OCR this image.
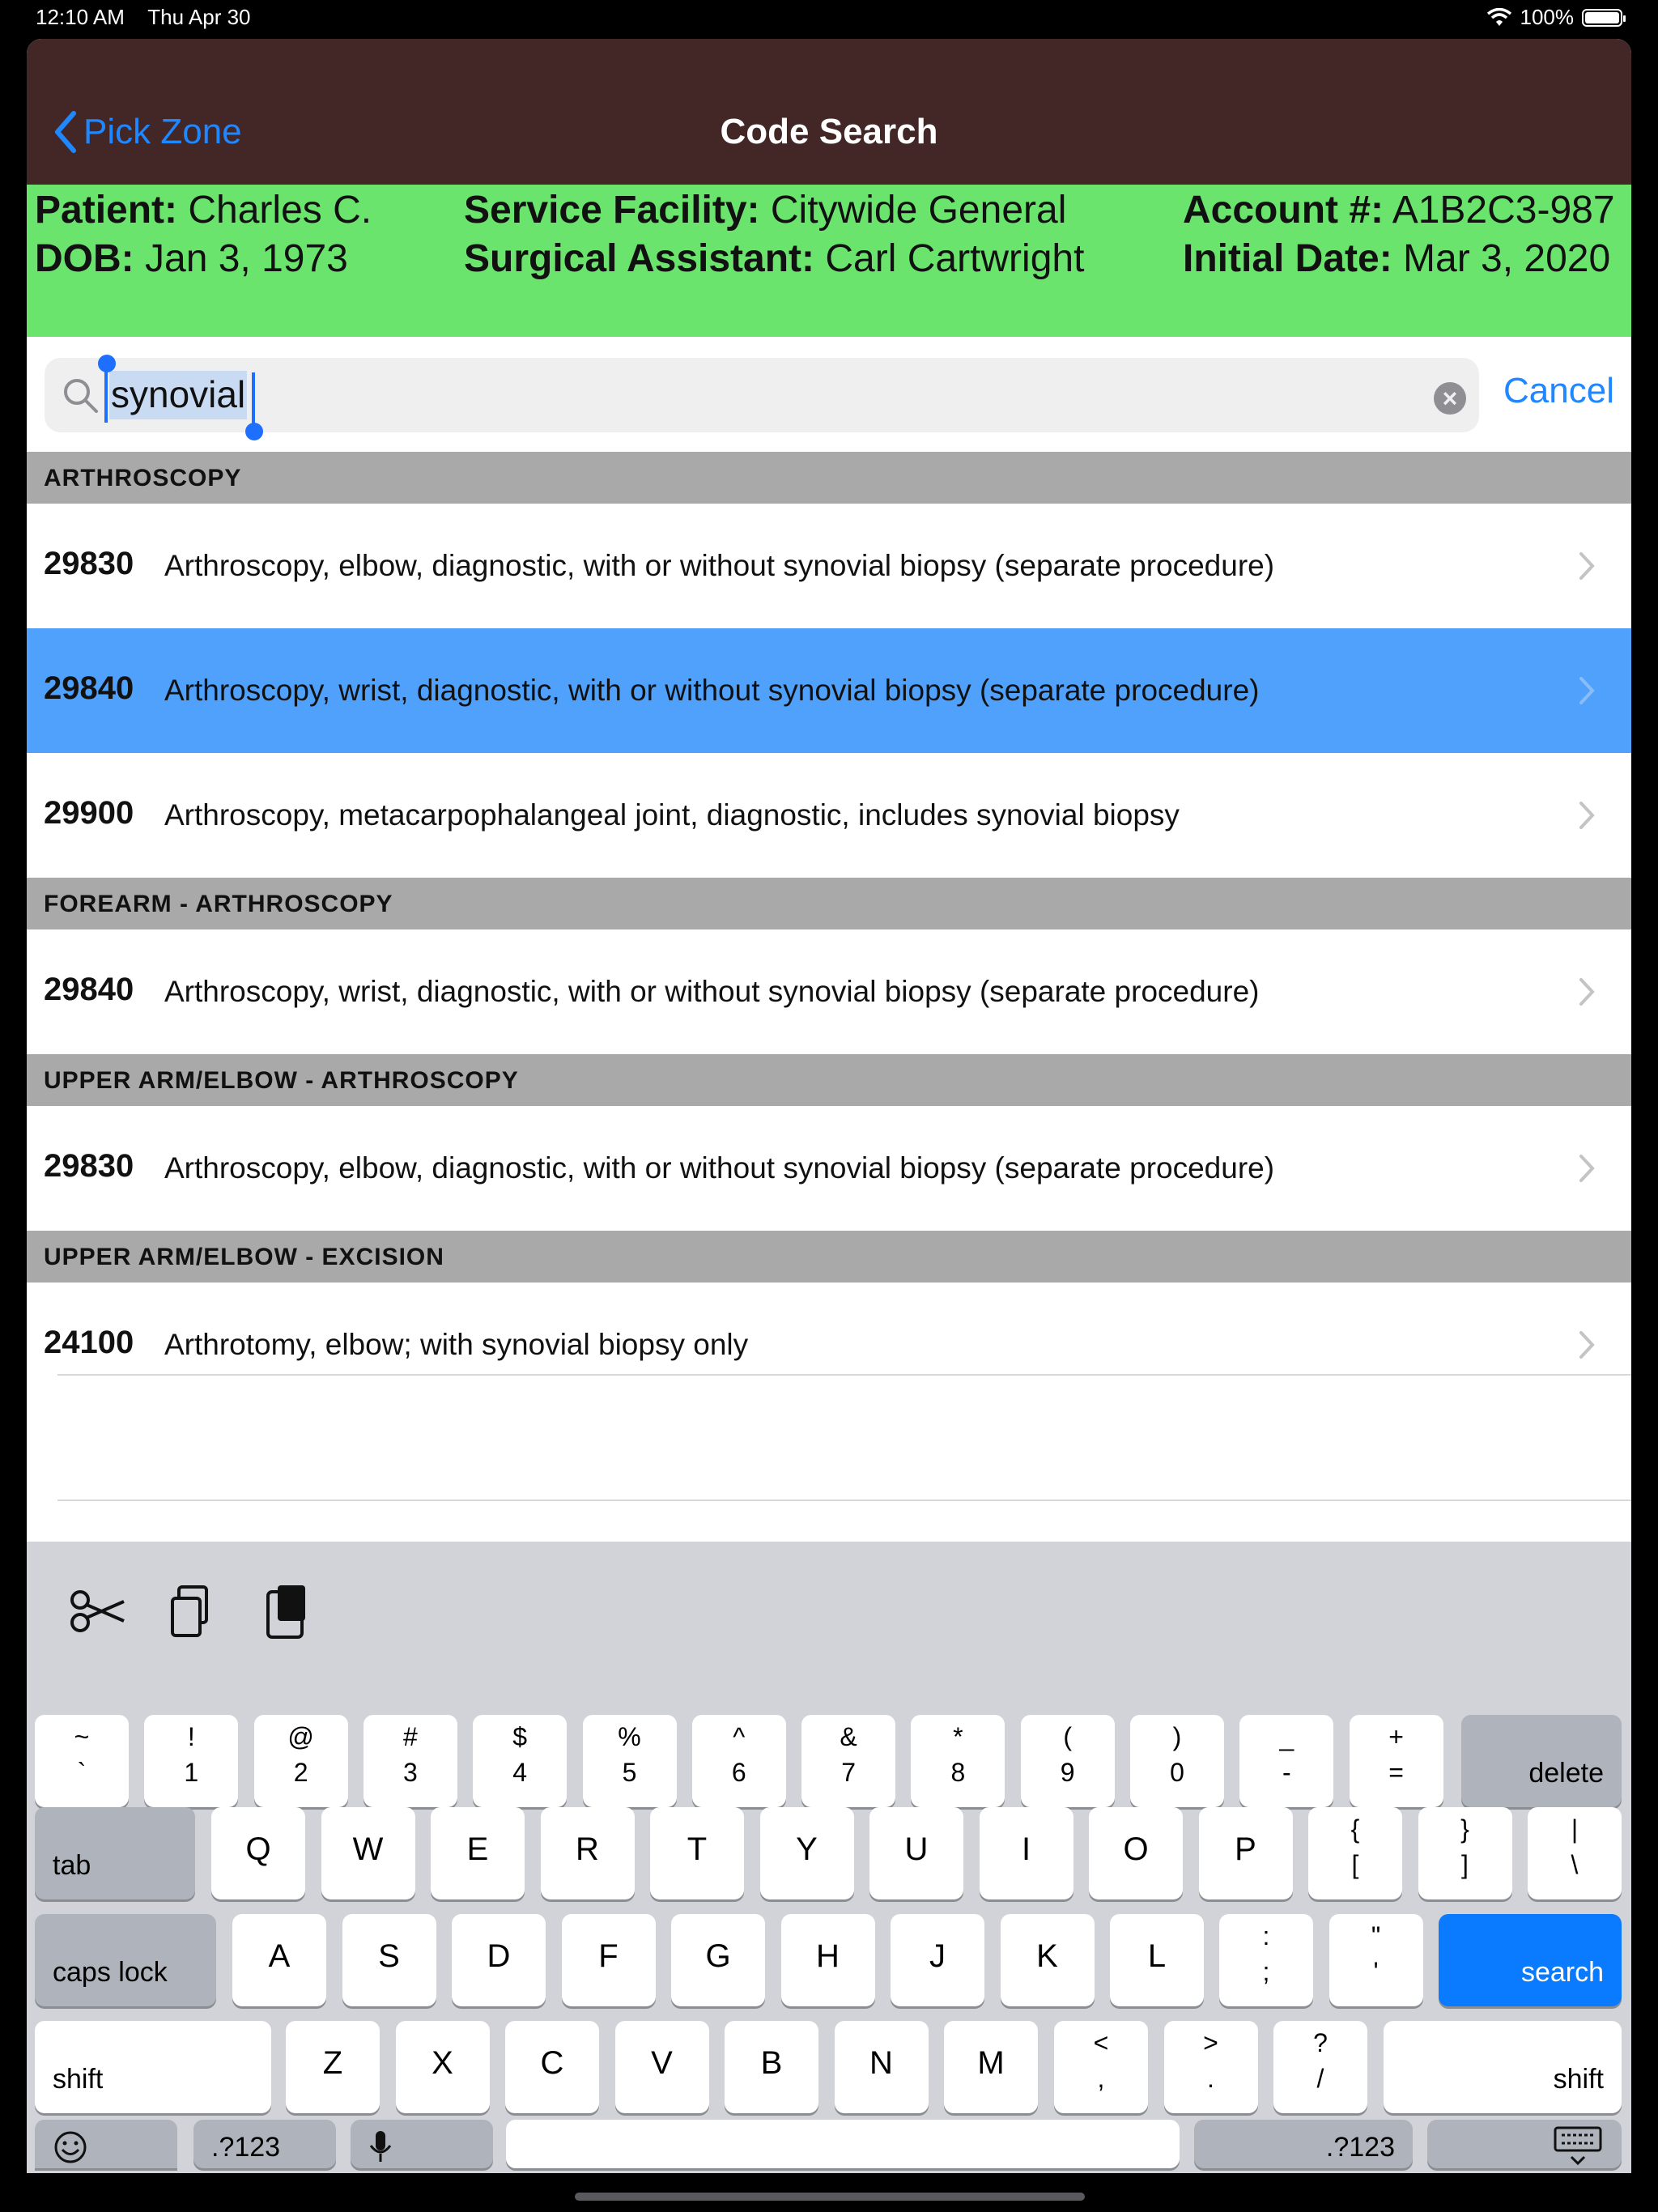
12:10 AM Thu Apr 30	100%
Pick Zone	Code Search
Patient: Charles C.
DOB: Jan 3, 1973
Service Facility: Citywide General
Surgical Assistant: Carl Cartwright
Account #: A1B2C3-987
Initial Date: Mar 3, 2020
synovial	× Cancel
ARTHROSCOPY
29830 Arthroscopy, elbow, diagnostic, with or without synovial biopsy (separate procedure)
29840 Arthroscopy, wrist, diagnostic, with or without synovial biopsy (separate procedure)
29900 Arthroscopy, metacarpophalangeal joint, diagnostic, includes synovial biopsy
FOREARM - ARTHROSCOPY
29840 Arthroscopy, wrist, diagnostic, with or without synovial biopsy (separate procedure)
UPPER ARM/ELBOW - ARTHROSCOPY
29830 Arthroscopy, elbow, diagnostic, with or without synovial biopsy (separate procedure)
UPPER ARM/ELBOW - EXCISION
24100 Arthrotomy, elbow; with synovial biopsy only
~
`
!
1
@
2
#
3
$
4
%
5
^
6
&
7
*
8
(
9
)
0
_
-
+
=	delete
tab	Q	W	E	R	T	Y	U	I	O	P
{
[
}
]
|
\
caps lock	A	S	D	F	G	H	J	K	L
:
;
"
'	search
shift	Z	X	C	V	B	N	M
<
,
>
.
?
/	shift
.?123	.?123
